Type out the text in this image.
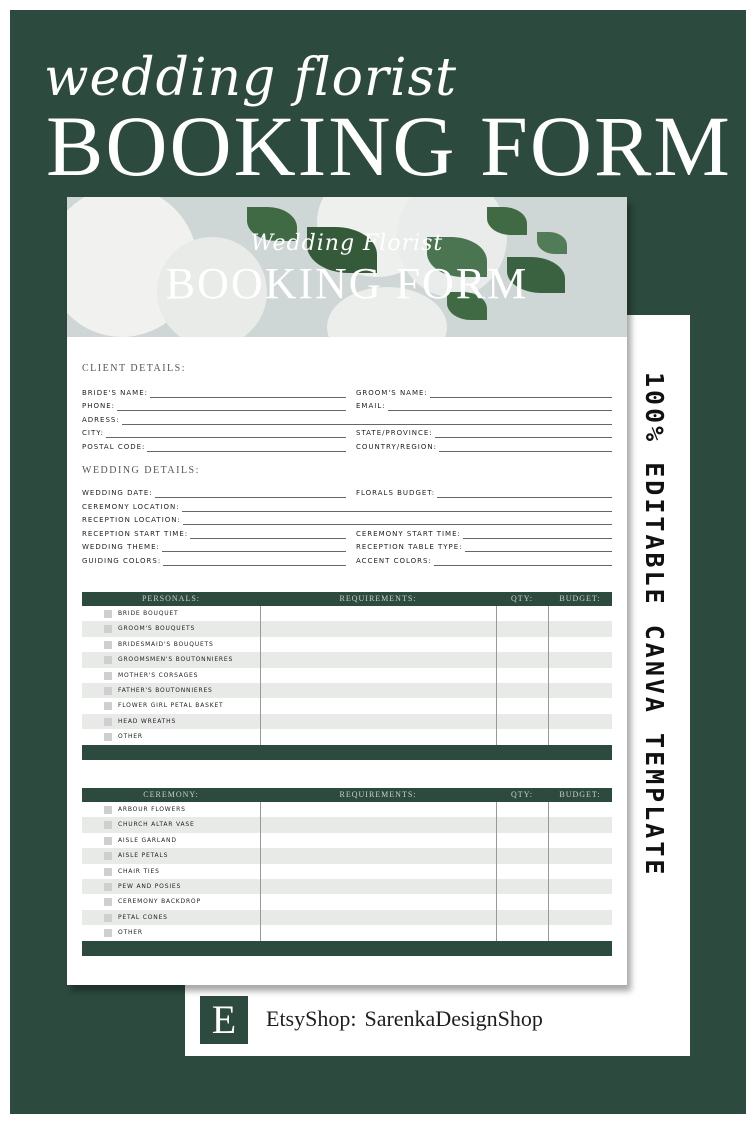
wedding florist
BOOKING FORM
100% EDITABLE CANVA TEMPLATE
E	EtsyShop: SarenkaDesignShop
Wedding Florist
BOOKING FORM
CLIENT DETAILS:
BRIDE'S NAME:	GROOM'S NAME:
PHONE:	EMAIL:
ADRESS:
CITY:	STATE/PROVINCE:
POSTAL CODE:	COUNTRY/REGION:
WEDDING DETAILS:
WEDDING DATE:	FLORALS BUDGET:
CEREMONY LOCATION:
RECEPTION LOCATION:
RECEPTION START TIME:	CEREMONY START TIME:
WEDDING THEME:	RECEPTION TABLE TYPE:
GUIDING COLORS:	ACCENT COLORS:
PERSONALS:	REQUIREMENTS:	QTY:	BUDGET:
BRIDE BOUQUET
GROOM'S BOUQUETS
BRIDESMAID'S BOUQUETS
GROOMSMEN'S BOUTONNIERES
MOTHER'S CORSAGES
FATHER'S BOUTONNIERES
FLOWER GIRL PETAL BASKET
HEAD WREATHS
OTHER
CEREMONY:	REQUIREMENTS:	QTY:	BUDGET:
ARBOUR FLOWERS
CHURCH ALTAR VASE
AISLE GARLAND
AISLE PETALS
CHAIR TIES
PEW AND POSIES
CEREMONY BACKDROP
PETAL CONES
OTHER
